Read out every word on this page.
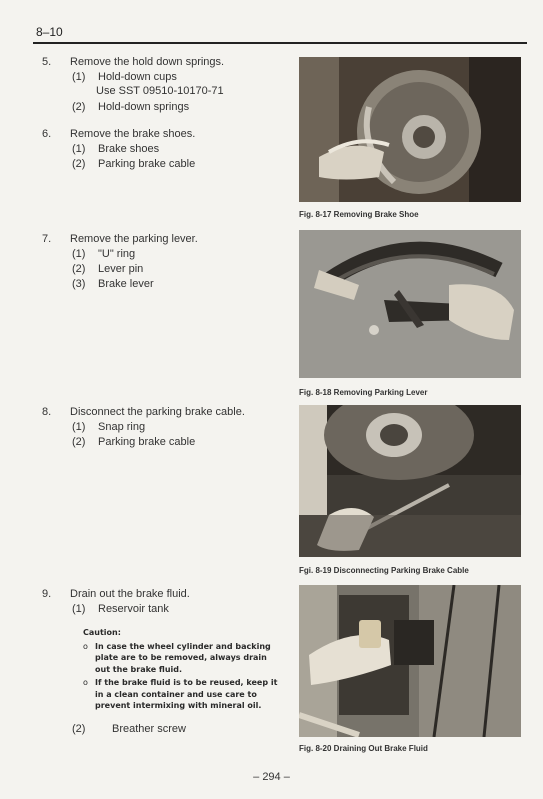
8–10
5.	Remove the hold down springs.
(1) Hold-down cups
Use SST 09510-10170-71
(2) Hold-down springs
6.	Remove the brake shoes.
(1) Brake shoes
(2) Parking brake cable
7.	Remove the parking lever.
(1) "U" ring
(2) Lever pin
(3) Brake lever
8.	Disconnect the parking brake cable.
(1) Snap ring
(2) Parking brake cable
9.	Drain out the brake fluid.
(1) Reservoir tank
Caution:
o In case the wheel cylinder and backing plate are to be removed, always drain out the brake fluid.
o If the brake fluid is to be reused, keep it in a clean container and use care to prevent intermixing with mineral oil.
(2) Breather screw
Fig. 8-17 Removing Brake Shoe
Fig. 8-18 Removing Parking Lever
Fgi. 8-19 Disconnecting Parking Brake Cable
Fig. 8-20 Draining Out Brake Fluid
– 294 –
